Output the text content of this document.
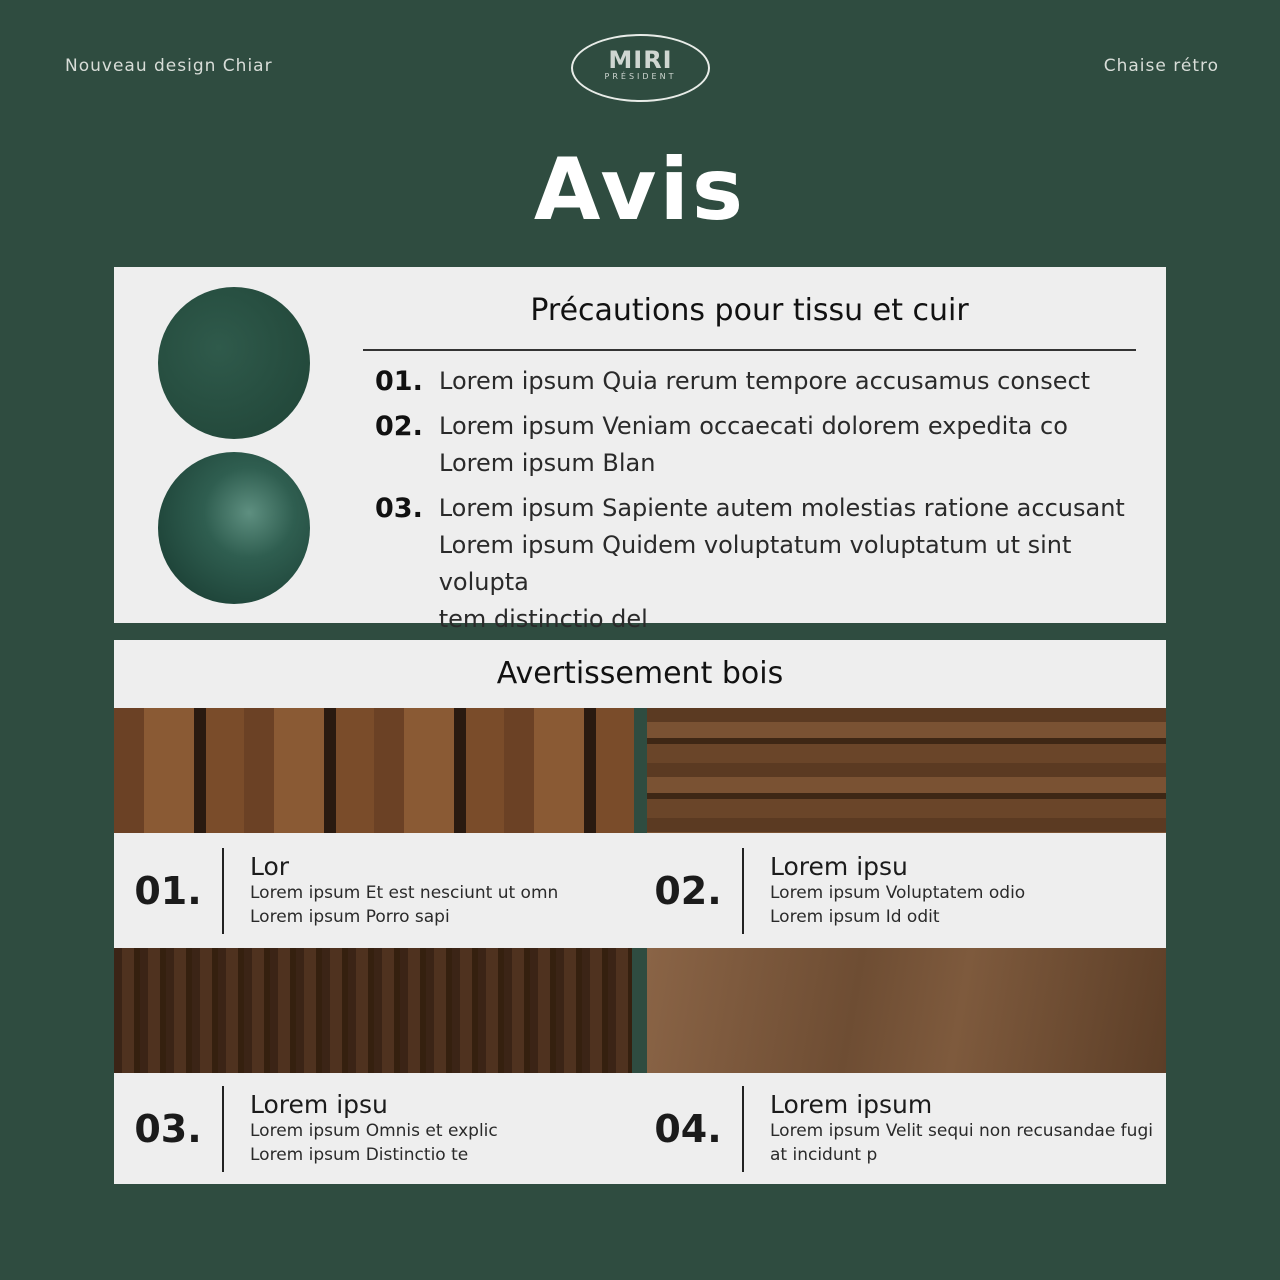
Nouveau design Chiar	Chaise rétro
MIRI
PRÉSIDENT
Avis
Précautions pour tissu et cuir
01. Lorem ipsum Quia rerum tempore accusamus consect
02. Lorem ipsum Veniam occaecati dolorem expedita co
Lorem ipsum Blan
03. Lorem ipsum Sapiente autem molestias ratione accusant
Lorem ipsum Quidem voluptatum voluptatum ut sint volupta
tem distinctio del
Avertissement bois
01.
Lor
Lorem ipsum Et est nesciunt ut omn
Lorem ipsum Porro sapi
02.
Lorem ipsu
Lorem ipsum Voluptatem odio
Lorem ipsum Id odit
03.
Lorem ipsu
Lorem ipsum Omnis et explic
Lorem ipsum Distinctio te
04.
Lorem ipsum
Lorem ipsum Velit sequi non recusandae fugi
at incidunt p
